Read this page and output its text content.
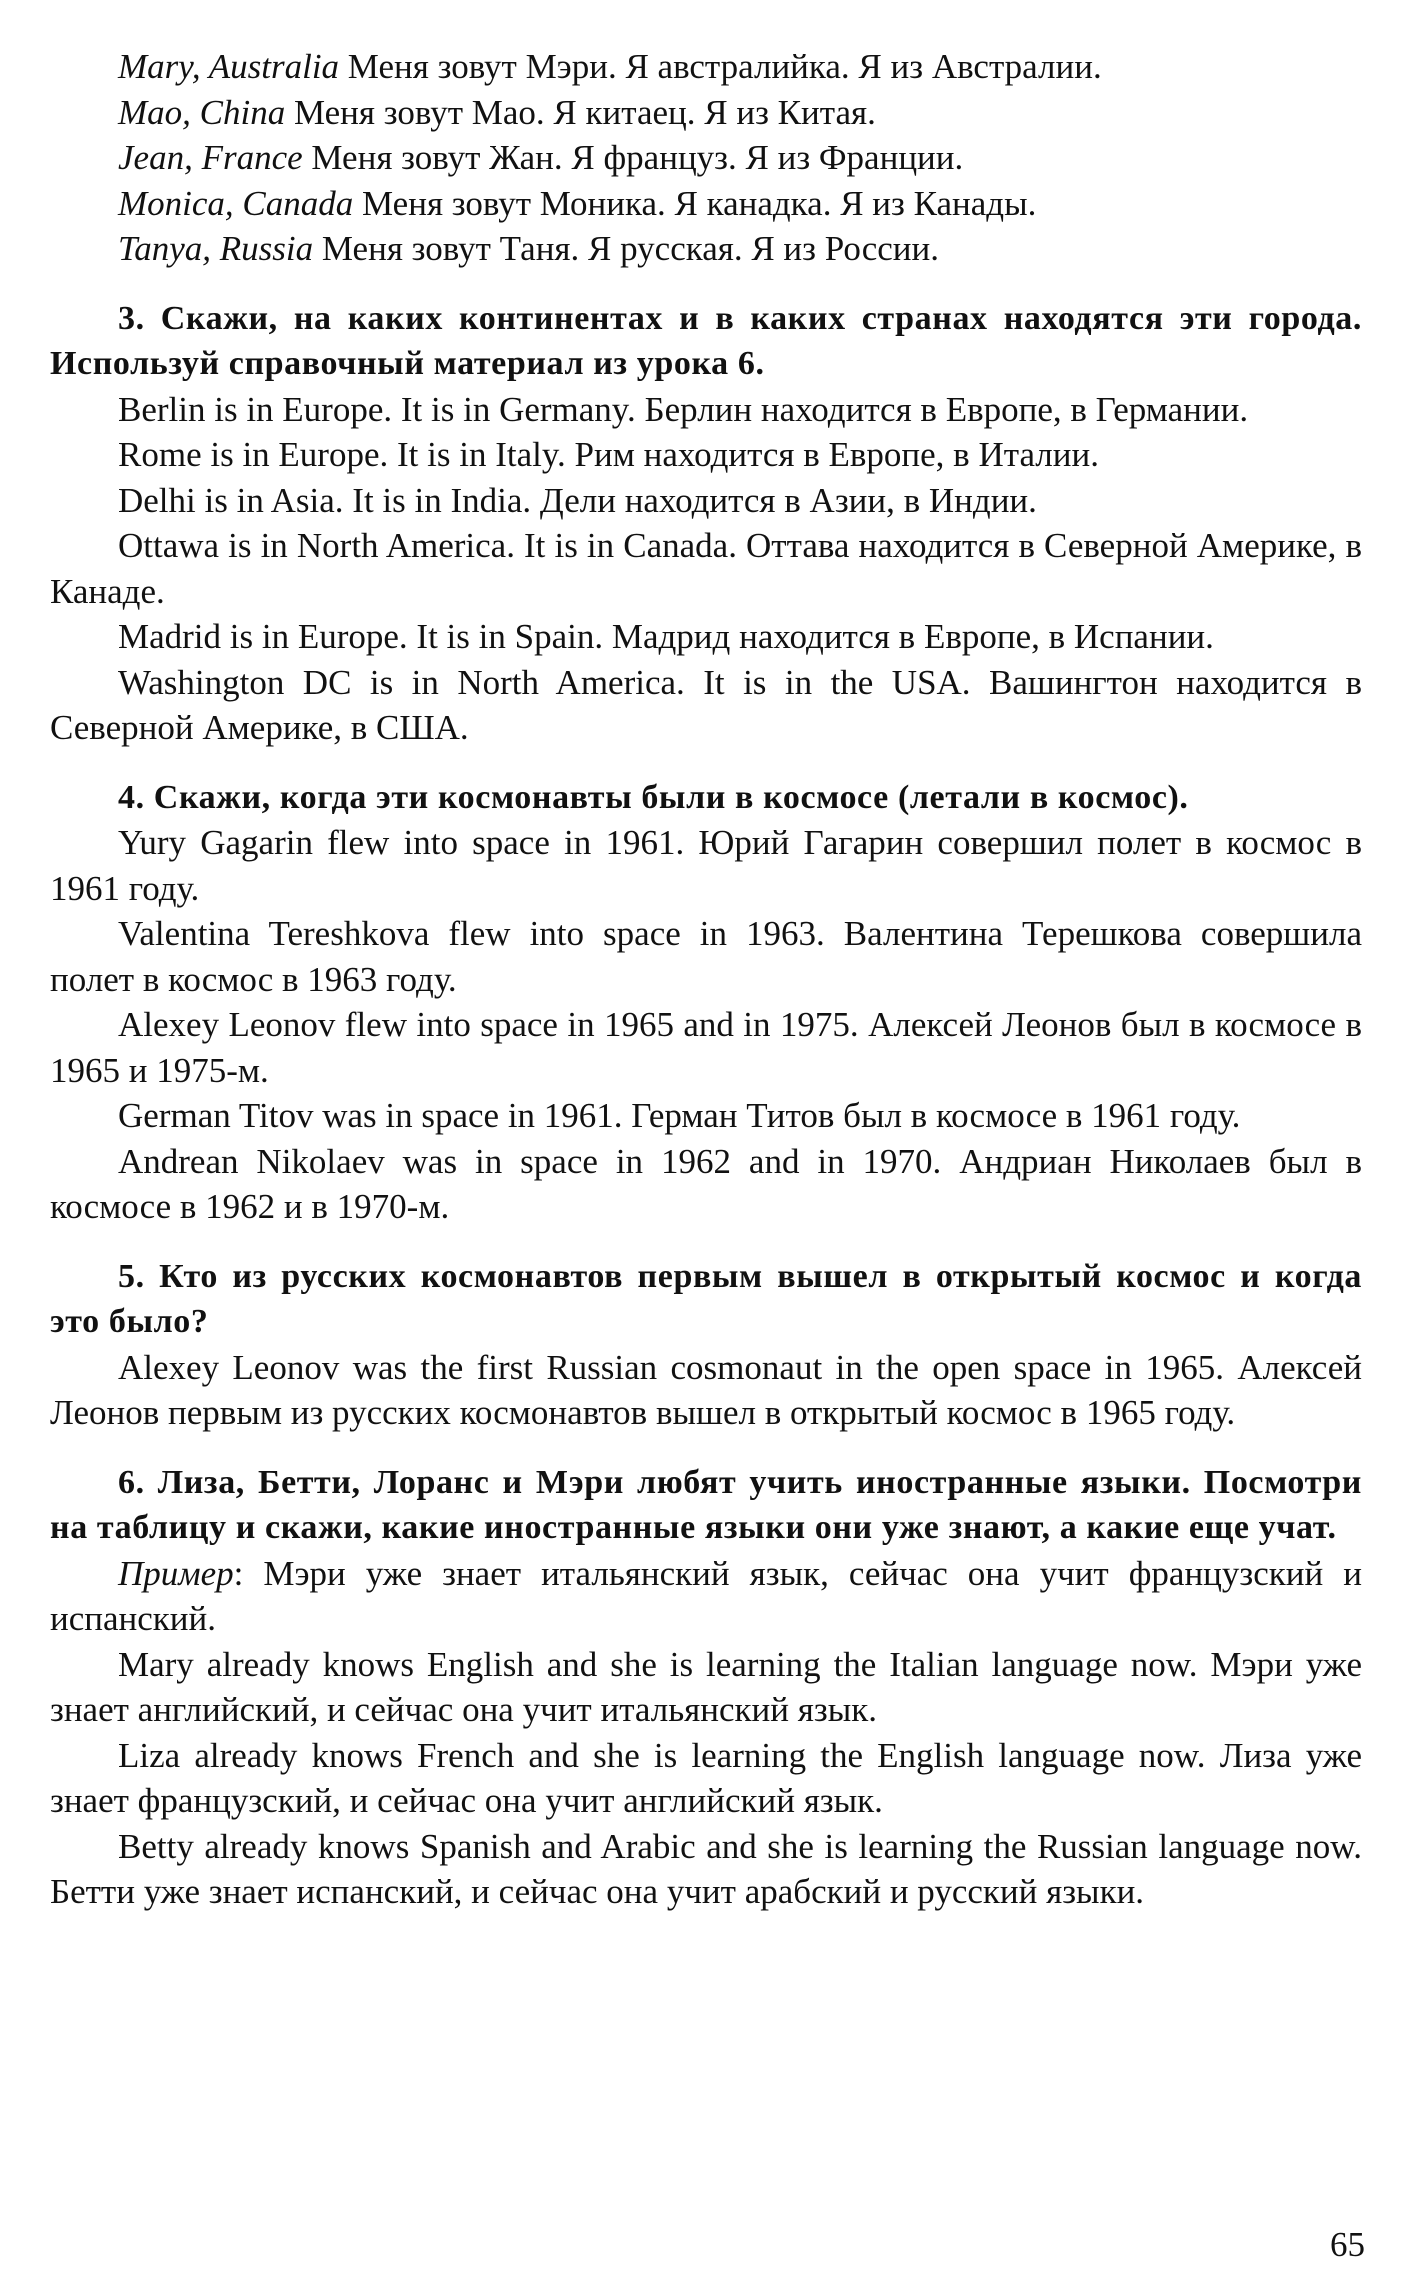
Mary, Australia Меня зовут Мэри. Я австралийка. Я из Австралии.

Mao, China Меня зовут Мао. Я китаец. Я из Китая.

Jean, France Меня зовут Жан. Я француз. Я из Франции.

Monica, Canada Меня зовут Моника. Я канадка. Я из Канады.

Tanya, Russia Меня зовут Таня. Я русская. Я из России.

3. Скажи, на каких континентах и в каких странах находятся эти города. Используй справочный материал из урока 6.

Berlin is in Europe. It is in Germany. Берлин находится в Европе, в Германии.

Rome is in Europe. It is in Italy. Рим находится в Европе, в Италии.

Delhi is in Asia. It is in India. Дели находится в Азии, в Индии.

Ottawa is in North America. It is in Canada. Оттава находится в Северной Америке, в Канаде.

Madrid is in Europe. It is in Spain. Мадрид находится в Европе, в Испании.

Washington DC is in North America. It is in the USA. Вашингтон находится в Северной Америке, в США.

4. Скажи, когда эти космонавты были в космосе (летали в космос).

Yury Gagarin flew into space in 1961. Юрий Гагарин совершил полет в космос в 1961 году.

Valentina Tereshkova flew into space in 1963. Валентина Терешкова совершила полет в космос в 1963 году.

Alexey Leonov flew into space in 1965 and in 1975. Алексей Леонов был в космосе в 1965 и 1975-м.

German Titov was in space in 1961. Герман Титов был в космосе в 1961 году.

Andrean Nikolaev was in space in 1962 and in 1970. Андриан Николаев был в космосе в 1962 и в 1970-м.

5. Кто из русских космонавтов первым вышел в открытый космос и когда это было?

Alexey Leonov was the first Russian cosmonaut in the open space in 1965. Алексей Леонов первым из русских космонавтов вышел в открытый космос в 1965 году.

6. Лиза, Бетти, Лоранс и Мэри любят учить иностранные языки. Посмотри на таблицу и скажи, какие иностранные языки они уже знают, а какие еще учат.

Пример: Мэри уже знает итальянский язык, сейчас она учит французский и испанский.

Mary already knows English and she is learning the Italian language now. Мэри уже знает английский, и сейчас она учит итальянский язык.

Liza already knows French and she is learning the English language now. Лиза уже знает французский, и сейчас она учит английский язык.

Betty already knows Spanish and Arabic and she is learning the Russian language now. Бетти уже знает испанский, и сейчас она учит арабский и русский языки.

65
